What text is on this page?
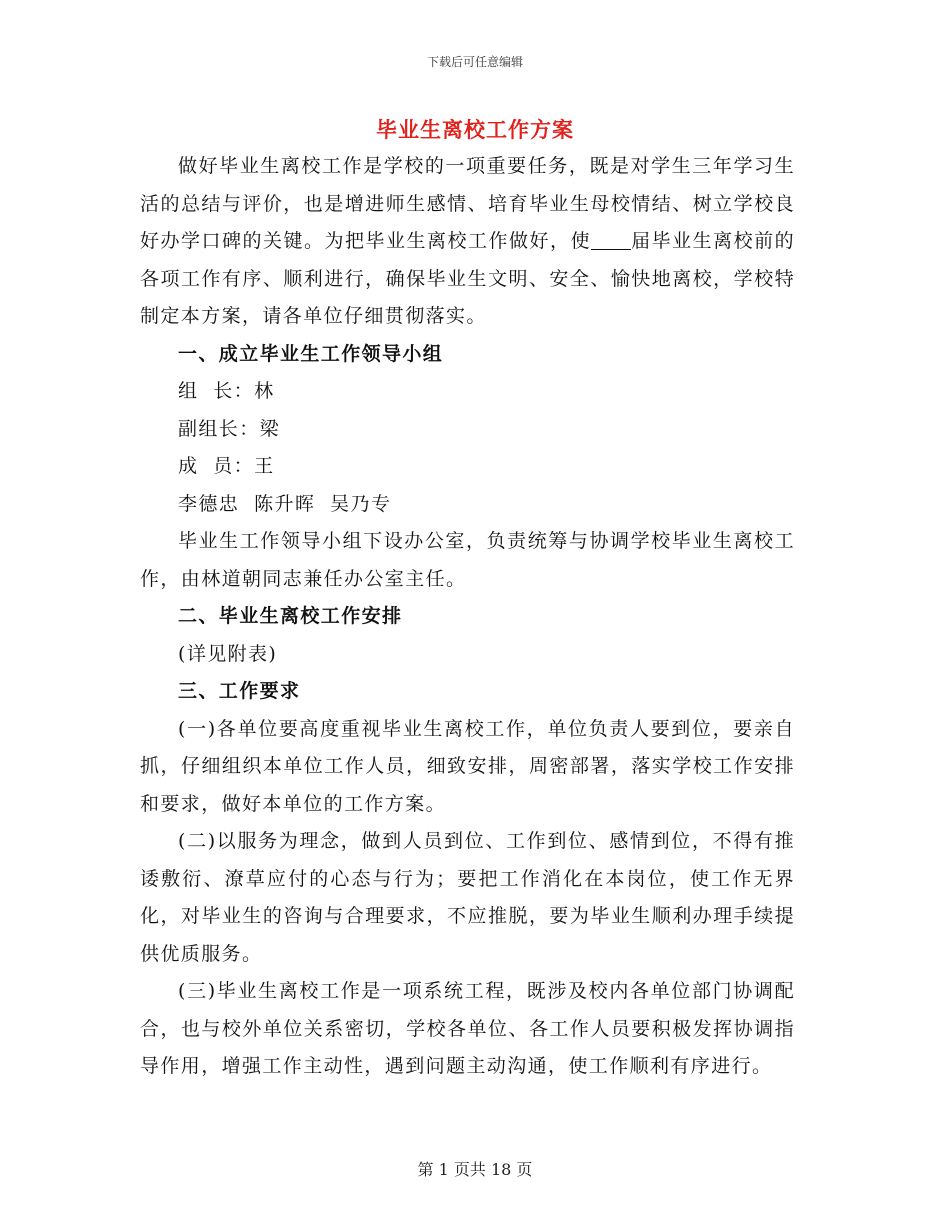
下载后可任意编辑
毕业生离校工作方案

做好毕业生离校工作是学校的一项重要任务，既是对学生三年学习生活的总结与评价，也是增进师生感情、培育毕业生母校情结、树立学校良好办学口碑的关键。为把毕业生离校工作做好，使 届毕业生离校前的各项工作有序、顺利进行，确保毕业生文明、安全、愉快地离校，学校特制定本方案，请各单位仔细贯彻落实。

一、成立毕业生工作领导小组

组  长：林

副组长：梁

成  员：王

李德忠  陈升晖  吴乃专

毕业生工作领导小组下设办公室，负责统筹与协调学校毕业生离校工作，由林道朝同志兼任办公室主任。

二、毕业生离校工作安排

(详见附表)

三、工作要求

(一)各单位要高度重视毕业生离校工作，单位负责人要到位，要亲自抓，仔细组织本单位工作人员，细致安排，周密部署，落实学校工作安排和要求，做好本单位的工作方案。

(二)以服务为理念，做到人员到位、工作到位、感情到位，不得有推诿敷衍、潦草应付的心态与行为；要把工作消化在本岗位，使工作无界化，对毕业生的咨询与合理要求，不应推脱，要为毕业生顺利办理手续提供优质服务。

(三)毕业生离校工作是一项系统工程，既涉及校内各单位部门协调配合，也与校外单位关系密切，学校各单位、各工作人员要积极发挥协调指导作用，增强工作主动性，遇到问题主动沟通，使工作顺利有序进行。

第 1 页共 18 页
